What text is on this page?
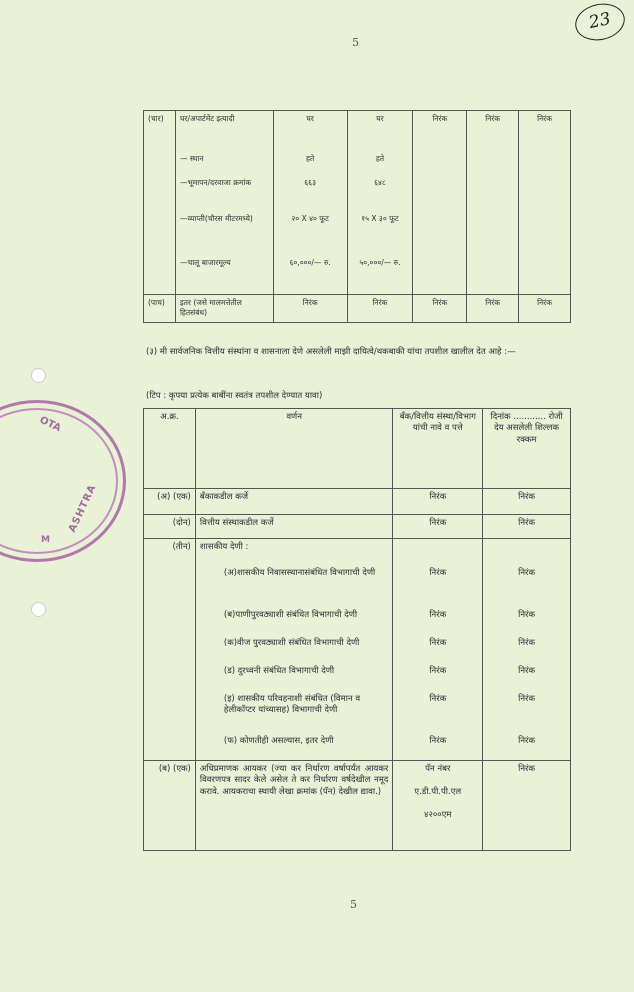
5
23
5
OTA
ASHTRA
M
(चार)	घर/अपार्टमेंट इत्यादी	घर	घर	निरंक	निरंक	निरंक
	— स्थान	हते	हते			
	—भूमापन/दरवाजा क्रमांक	६६३	६४८			
	—व्याप्ती(चौरस मीटरमध्ये)	२० X ४० फूट	१५ X ३० फूट			
	—चालू बाजारमूल्य	६०,०००/— रु.	५०,०००/— रु.			
(पाच)	इतर (जसे मालमत्तेतील हितसंबंध)	निरंक	निरंक	निरंक	निरंक	निरंक
(३) मी सार्वजनिक वित्तीय संस्थांना व शासनाला देणे असलेली माझी दायित्वे/थकबाकी यांचा तपशील खालील देत आहे :—
(टिप : कृपया प्रत्येक बाबींना स्वतंत्र तपशील देण्यात यावा)
अ.क्र.	वर्णन	बँक/वित्तीय संस्था/विभाग यांची नावे व पत्ते	दिनांक ............ रोजी देय असलेली शिल्लक रक्कम
(अ) (एक)	बँकाकडील कर्जे	निरंक	निरंक
(दोन)	वित्तीय संस्थाकडील कर्जे	निरंक	निरंक
(तीन)	शासकीय देणी :		
	(अ)शासकीय निवासस्थानासंबंधित विभागाची देणी	निरंक	निरंक
	(ब)पाणीपुरवठ्याशी संबंधित विभागाची देणी	निरंक	निरंक
	(क)वीज पुरवठ्याशी संबंधित विभागाची देणी	निरंक	निरंक
	(ड) दुरध्वनी संबंधित विभागाची देणी	निरंक	निरंक
	(इ) शासकीय परिवहनाशी संबंधित (विमान व हेलीकॉप्टर यांच्यासह) विभागाची देणी	निरंक	निरंक
	(फ) कोणतीही असल्यास, इतर देणी	निरंक	निरंक
(ब) (एक)	अधिप्रमाणक आयकर (ज्या कर निर्धारण वर्षापर्यंत आयकर विवरणपत्र सादर केले असेल ते कर निर्धारण वर्षदेखील नमूद करावे. आयकराचा स्थायी लेखा क्रमांक (पॅन) देखील द्यावा.)	पॅन नंबर

ए.डी.पी.पी.एल

४२००एम	निरंक
